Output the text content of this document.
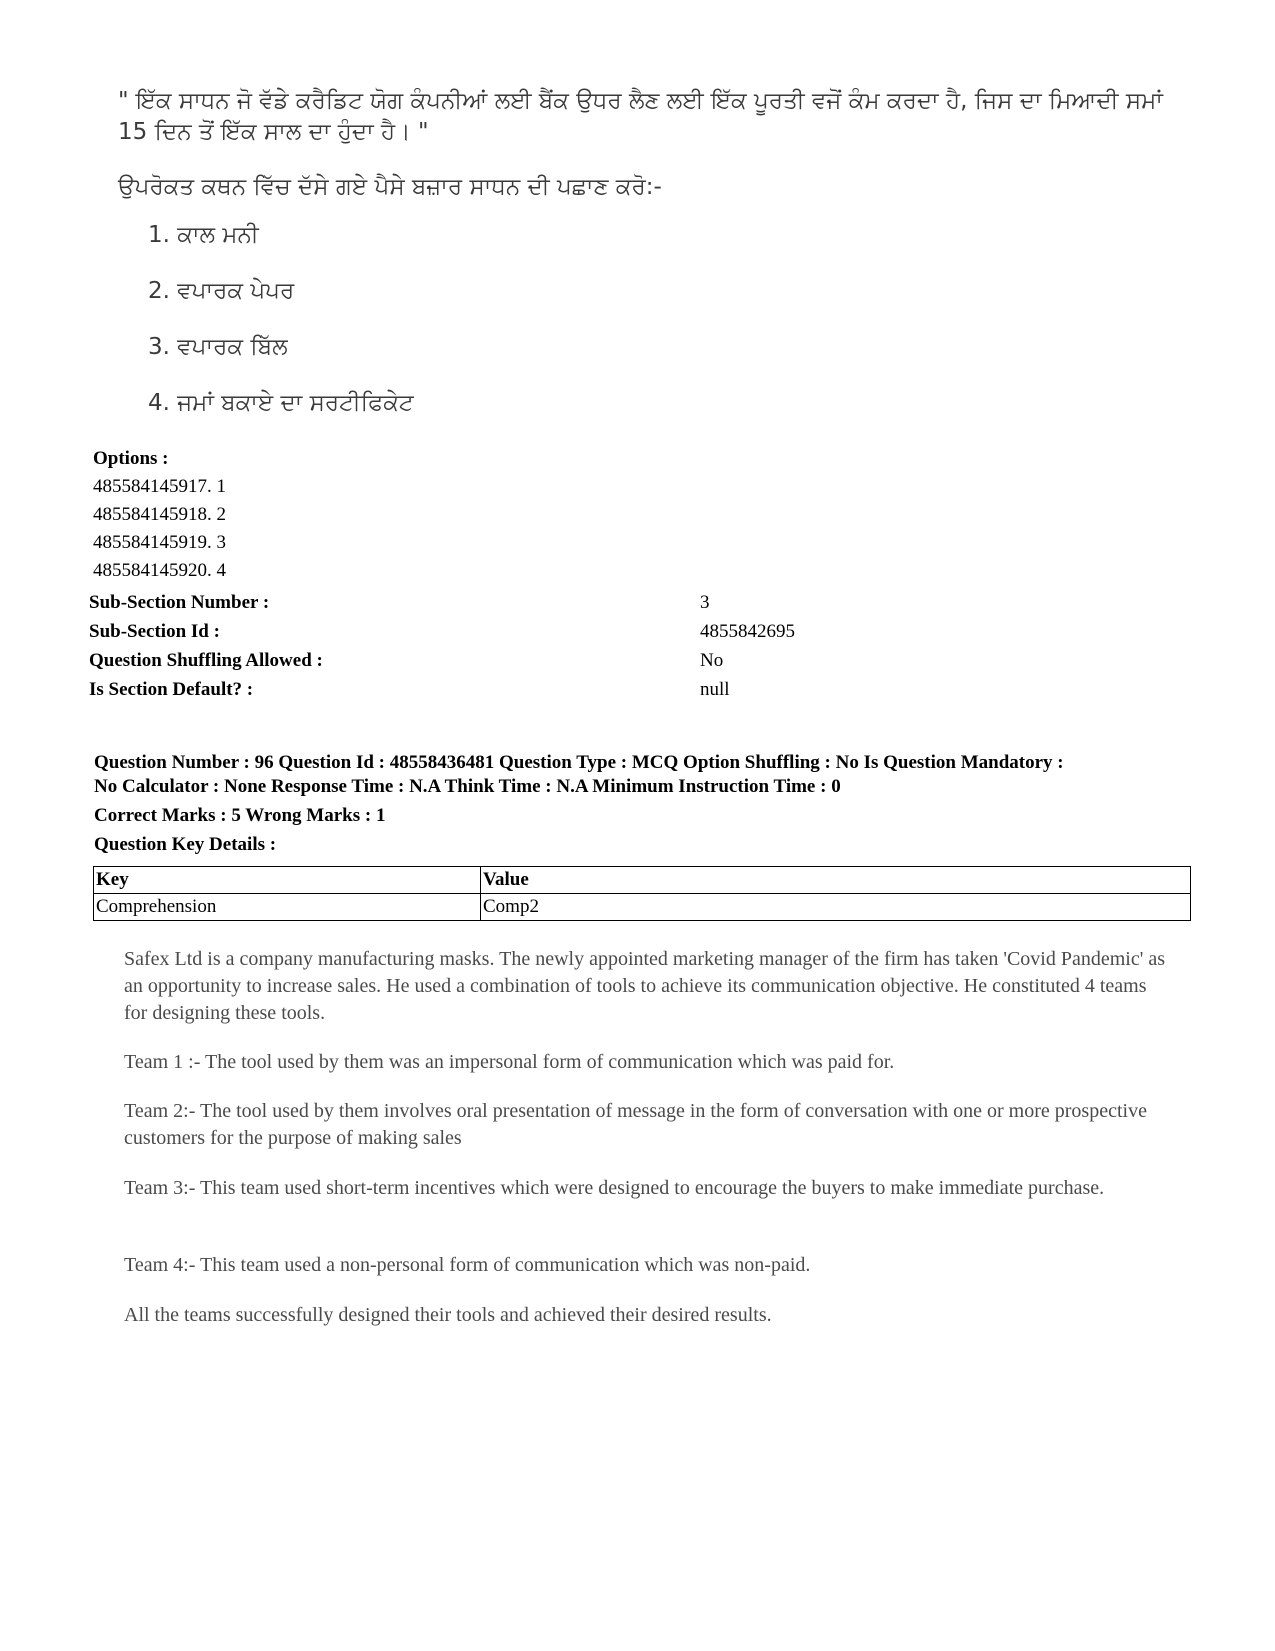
" ਇੱਕ ਸਾਧਨ ਜੋ ਵੱਡੇ ਕਰੈਡਿਟ ਯੋਗ ਕੰਪਨੀਆਂ ਲਈ ਬੈਂਕ ਉਧਰ ਲੈਣ ਲਈ ਇੱਕ ਪੂਰਤੀ ਵਜੋਂ ਕੰਮ ਕਰਦਾ ਹੈ, ਜਿਸ ਦਾ ਮਿਆਦੀ ਸਮਾਂ 15 ਦਿਨ ਤੋਂ ਇੱਕ ਸਾਲ ਦਾ ਹੁੰਦਾ ਹੈ। "
ਉਪਰੋਕਤ ਕਥਨ ਵਿੱਚ ਦੱਸੇ ਗਏ ਪੈਸੇ ਬਜ਼ਾਰ ਸਾਧਨ ਦੀ ਪਛਾਣ ਕਰੋ:-
1. ਕਾਲ ਮਨੀ
2. ਵਪਾਰਕ ਪੇਪਰ
3. ਵਪਾਰਕ ਬਿੱਲ
4. ਜਮਾਂ ਬਕਾਏ ਦਾ ਸਰਟੀਫਿਕੇਟ
Options :
485584145917. 1
485584145918. 2
485584145919. 3
485584145920. 4
Sub-Section Number :	3
Sub-Section Id :	4855842695
Question Shuffling Allowed :	No
Is Section Default? :	null
Question Number : 96 Question Id : 48558436481 Question Type : MCQ Option Shuffling : No Is Question Mandatory :
No Calculator : None Response Time : N.A Think Time : N.A Minimum Instruction Time : 0
Correct Marks : 5 Wrong Marks : 1
Question Key Details :
Key	Value
Comprehension	Comp2
Safex Ltd is a company manufacturing masks. The newly appointed marketing manager of the firm has taken 'Covid Pandemic' as an opportunity to increase sales. He used a combination of tools to achieve its communication objective. He constituted 4 teams for designing these tools.
Team 1 :- The tool used by them was an impersonal form of communication which was paid for.
Team 2:- The tool used by them involves oral presentation of message in the form of conversation with one or more prospective customers for the purpose of making sales
Team 3:- This team used short-term incentives which were designed to encourage the buyers to make immediate purchase.
Team 4:- This team used a non-personal form of communication which was non-paid.
All the teams successfully designed their tools and achieved their desired results.
